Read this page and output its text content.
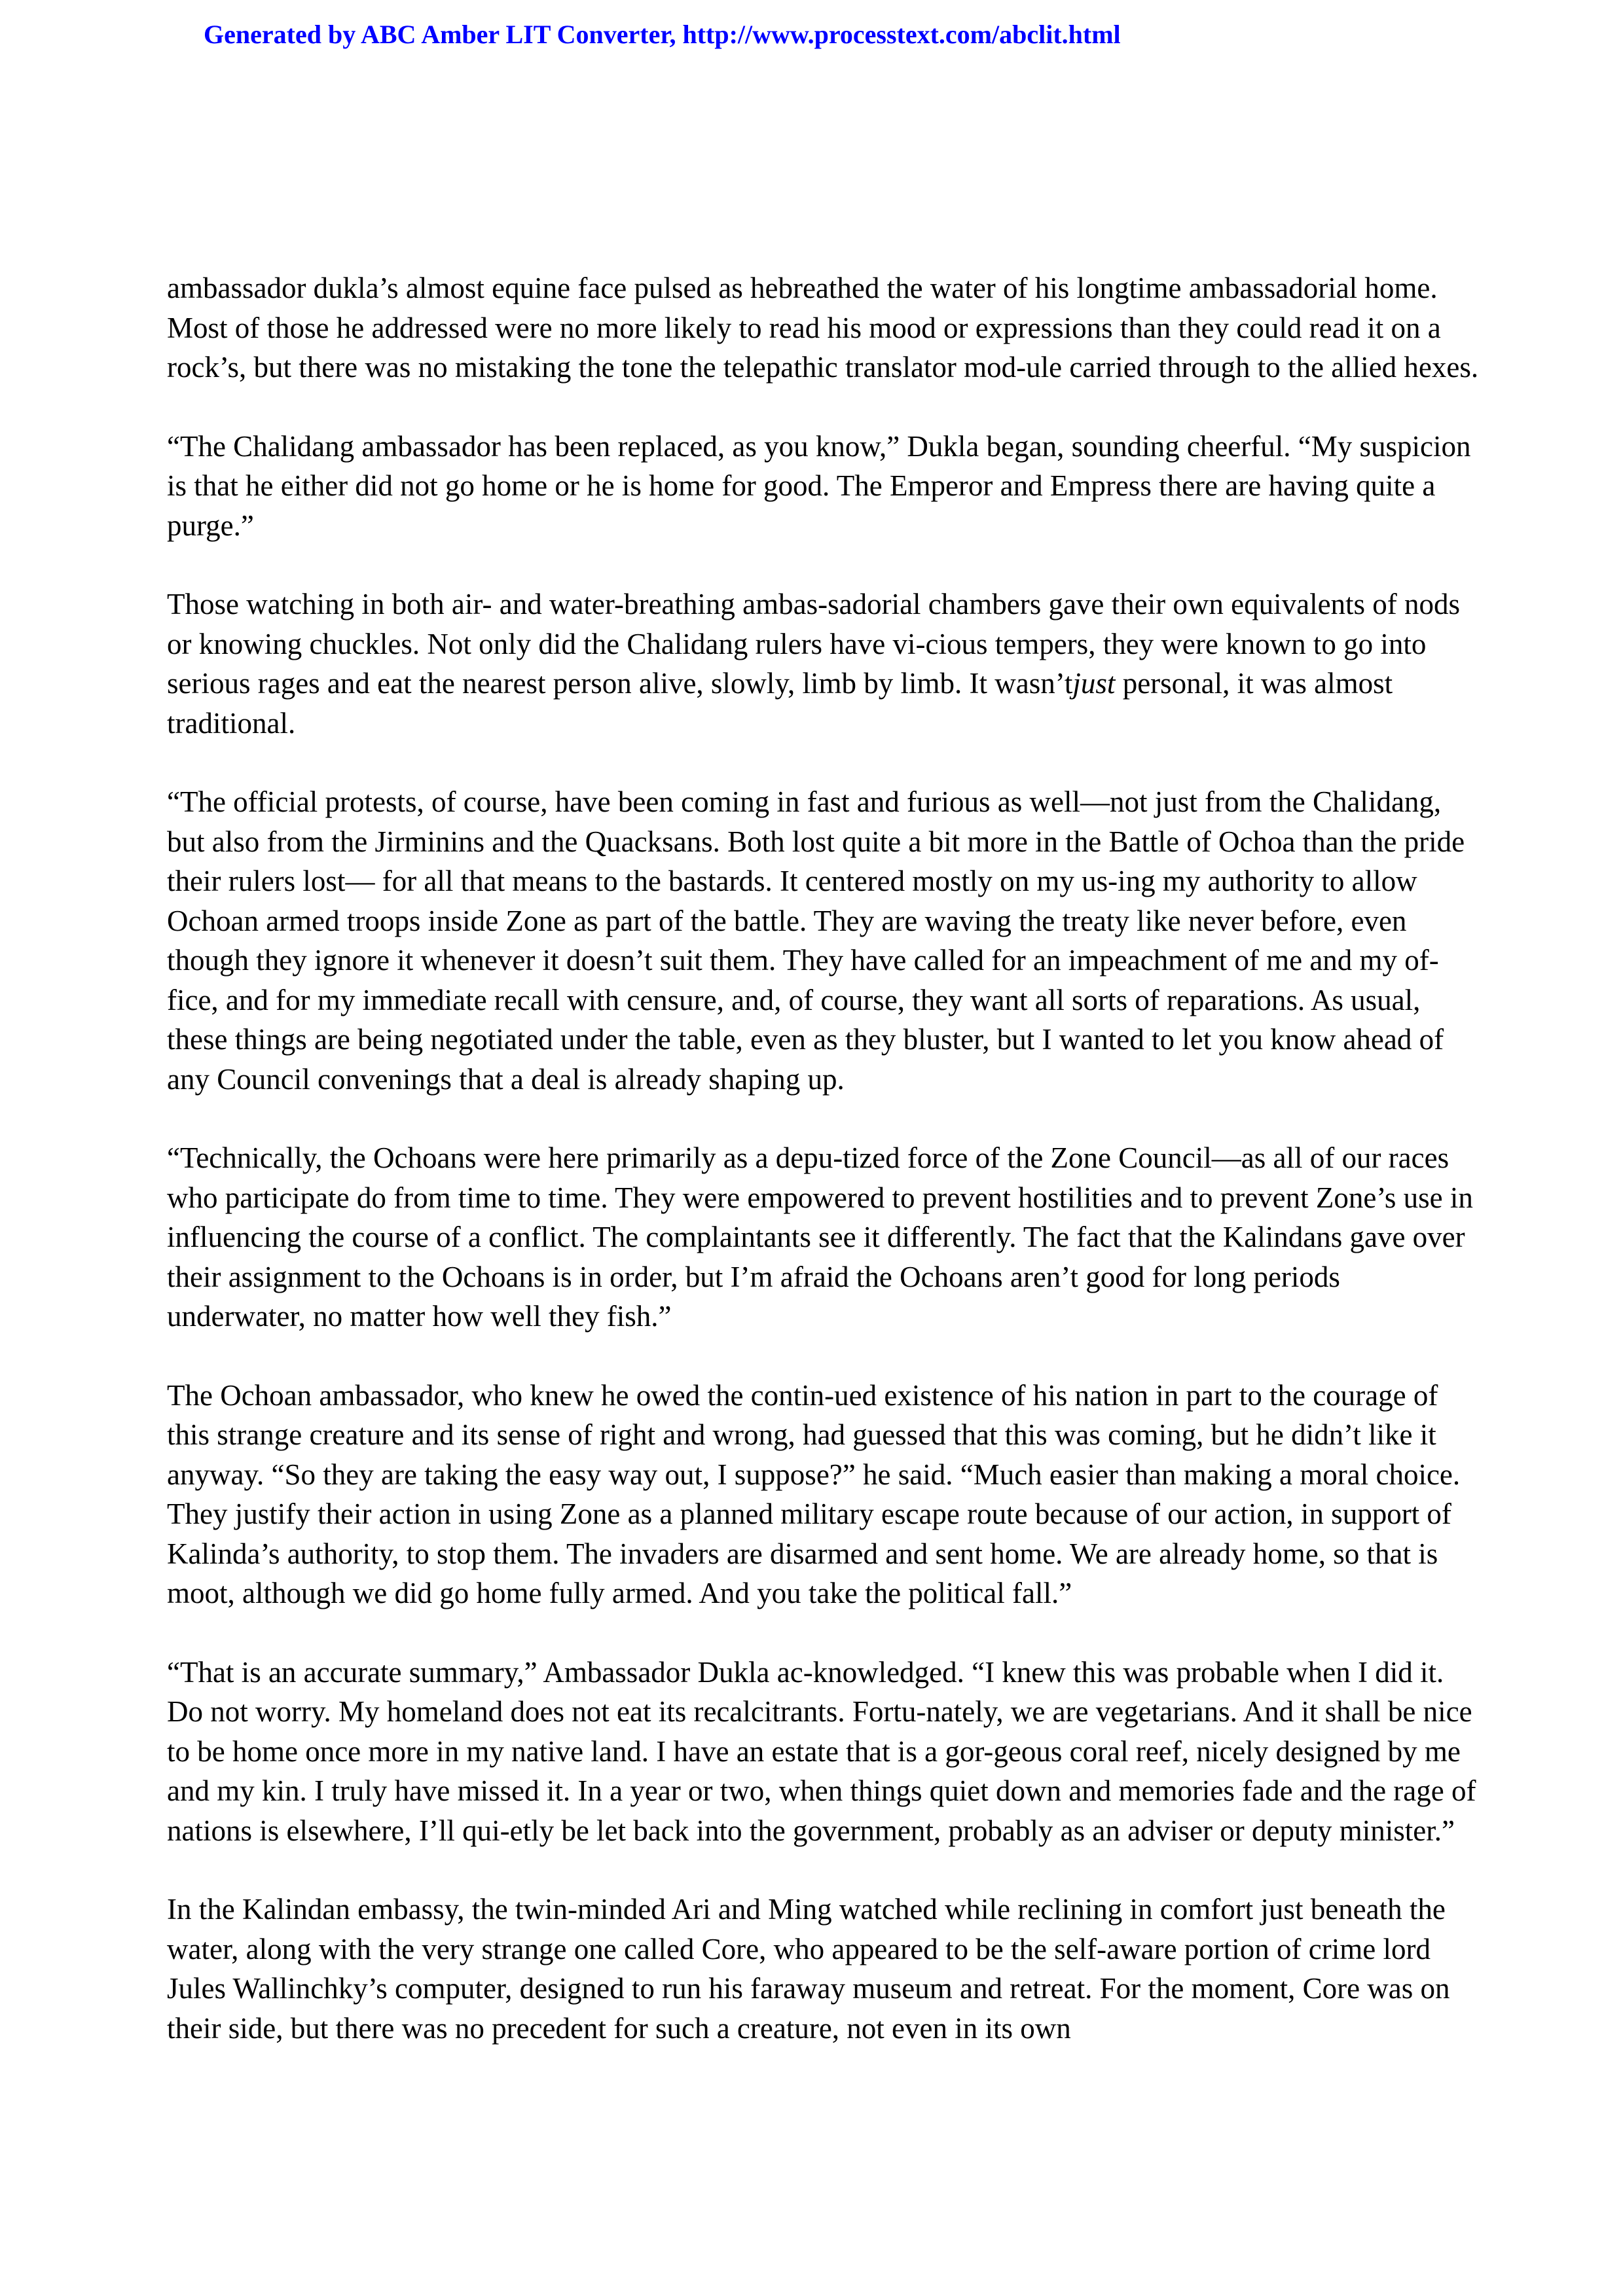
Generated by ABC Amber LIT Converter, http://www.processtext.com/abclit.html

ambassador dukla’s almost equine face pulsed as hebreathed the water of his longtime ambassadorial home. Most of those he addressed were no more likely to read his mood or expressions than they could read it on a rock’s, but there was no mistaking the tone the telepathic translator mod-ule carried through to the allied hexes.

“The Chalidang ambassador has been replaced, as you know,” Dukla began, sounding cheerful. “My suspicion is that he either did not go home or he is home for good. The Emperor and Empress there are having quite a purge.”

Those watching in both air- and water-breathing ambas-sadorial chambers gave their own equivalents of nods or knowing chuckles. Not only did the Chalidang rulers have vi-cious tempers, they were known to go into serious rages and eat the nearest person alive, slowly, limb by limb. It wasn’tjust personal, it was almost traditional.

“The official protests, of course, have been coming in fast and furious as well—not just from the Chalidang, but also from the Jirminins and the Quacksans. Both lost quite a bit more in the Battle of Ochoa than the pride their rulers lost— for all that means to the bastards. It centered mostly on my us-ing my authority to allow Ochoan armed troops inside Zone as part of the battle. They are waving the treaty like never before, even though they ignore it whenever it doesn’t suit them. They have called for an impeachment of me and my of-fice, and for my immediate recall with censure, and, of course, they want all sorts of reparations. As usual, these things are being negotiated under the table, even as they bluster, but I wanted to let you know ahead of any Council convenings that a deal is already shaping up.

“Technically, the Ochoans were here primarily as a depu-tized force of the Zone Council—as all of our races who participate do from time to time. They were empowered to prevent hostilities and to prevent Zone’s use in influencing the course of a conflict. The complaintants see it differently. The fact that the Kalindans gave over their assignment to the Ochoans is in order, but I’m afraid the Ochoans aren’t good for long periods underwater, no matter how well they fish.”

The Ochoan ambassador, who knew he owed the contin-ued existence of his nation in part to the courage of this strange creature and its sense of right and wrong, had guessed that this was coming, but he didn’t like it anyway. “So they are taking the easy way out, I suppose?” he said. “Much easier than making a moral choice. They justify their action in using Zone as a planned military escape route because of our action, in support of Kalinda’s authority, to stop them. The invaders are disarmed and sent home. We are already home, so that is moot, although we did go home fully armed. And you take the political fall.”

“That is an accurate summary,” Ambassador Dukla ac-knowledged. “I knew this was probable when I did it. Do not worry. My homeland does not eat its recalcitrants. Fortu-nately, we are vegetarians. And it shall be nice to be home once more in my native land. I have an estate that is a gor-geous coral reef, nicely designed by me and my kin. I truly have missed it. In a year or two, when things quiet down and memories fade and the rage of nations is elsewhere, I’ll qui-etly be let back into the government, probably as an adviser or deputy minister.”

In the Kalindan embassy, the twin-minded Ari and Ming watched while reclining in comfort just beneath the water, along with the very strange one called Core, who appeared to be the self-aware portion of crime lord Jules Wallinchky’s computer, designed to run his faraway museum and retreat. For the moment, Core was on their side, but there was no precedent for such a creature, not even in its own
